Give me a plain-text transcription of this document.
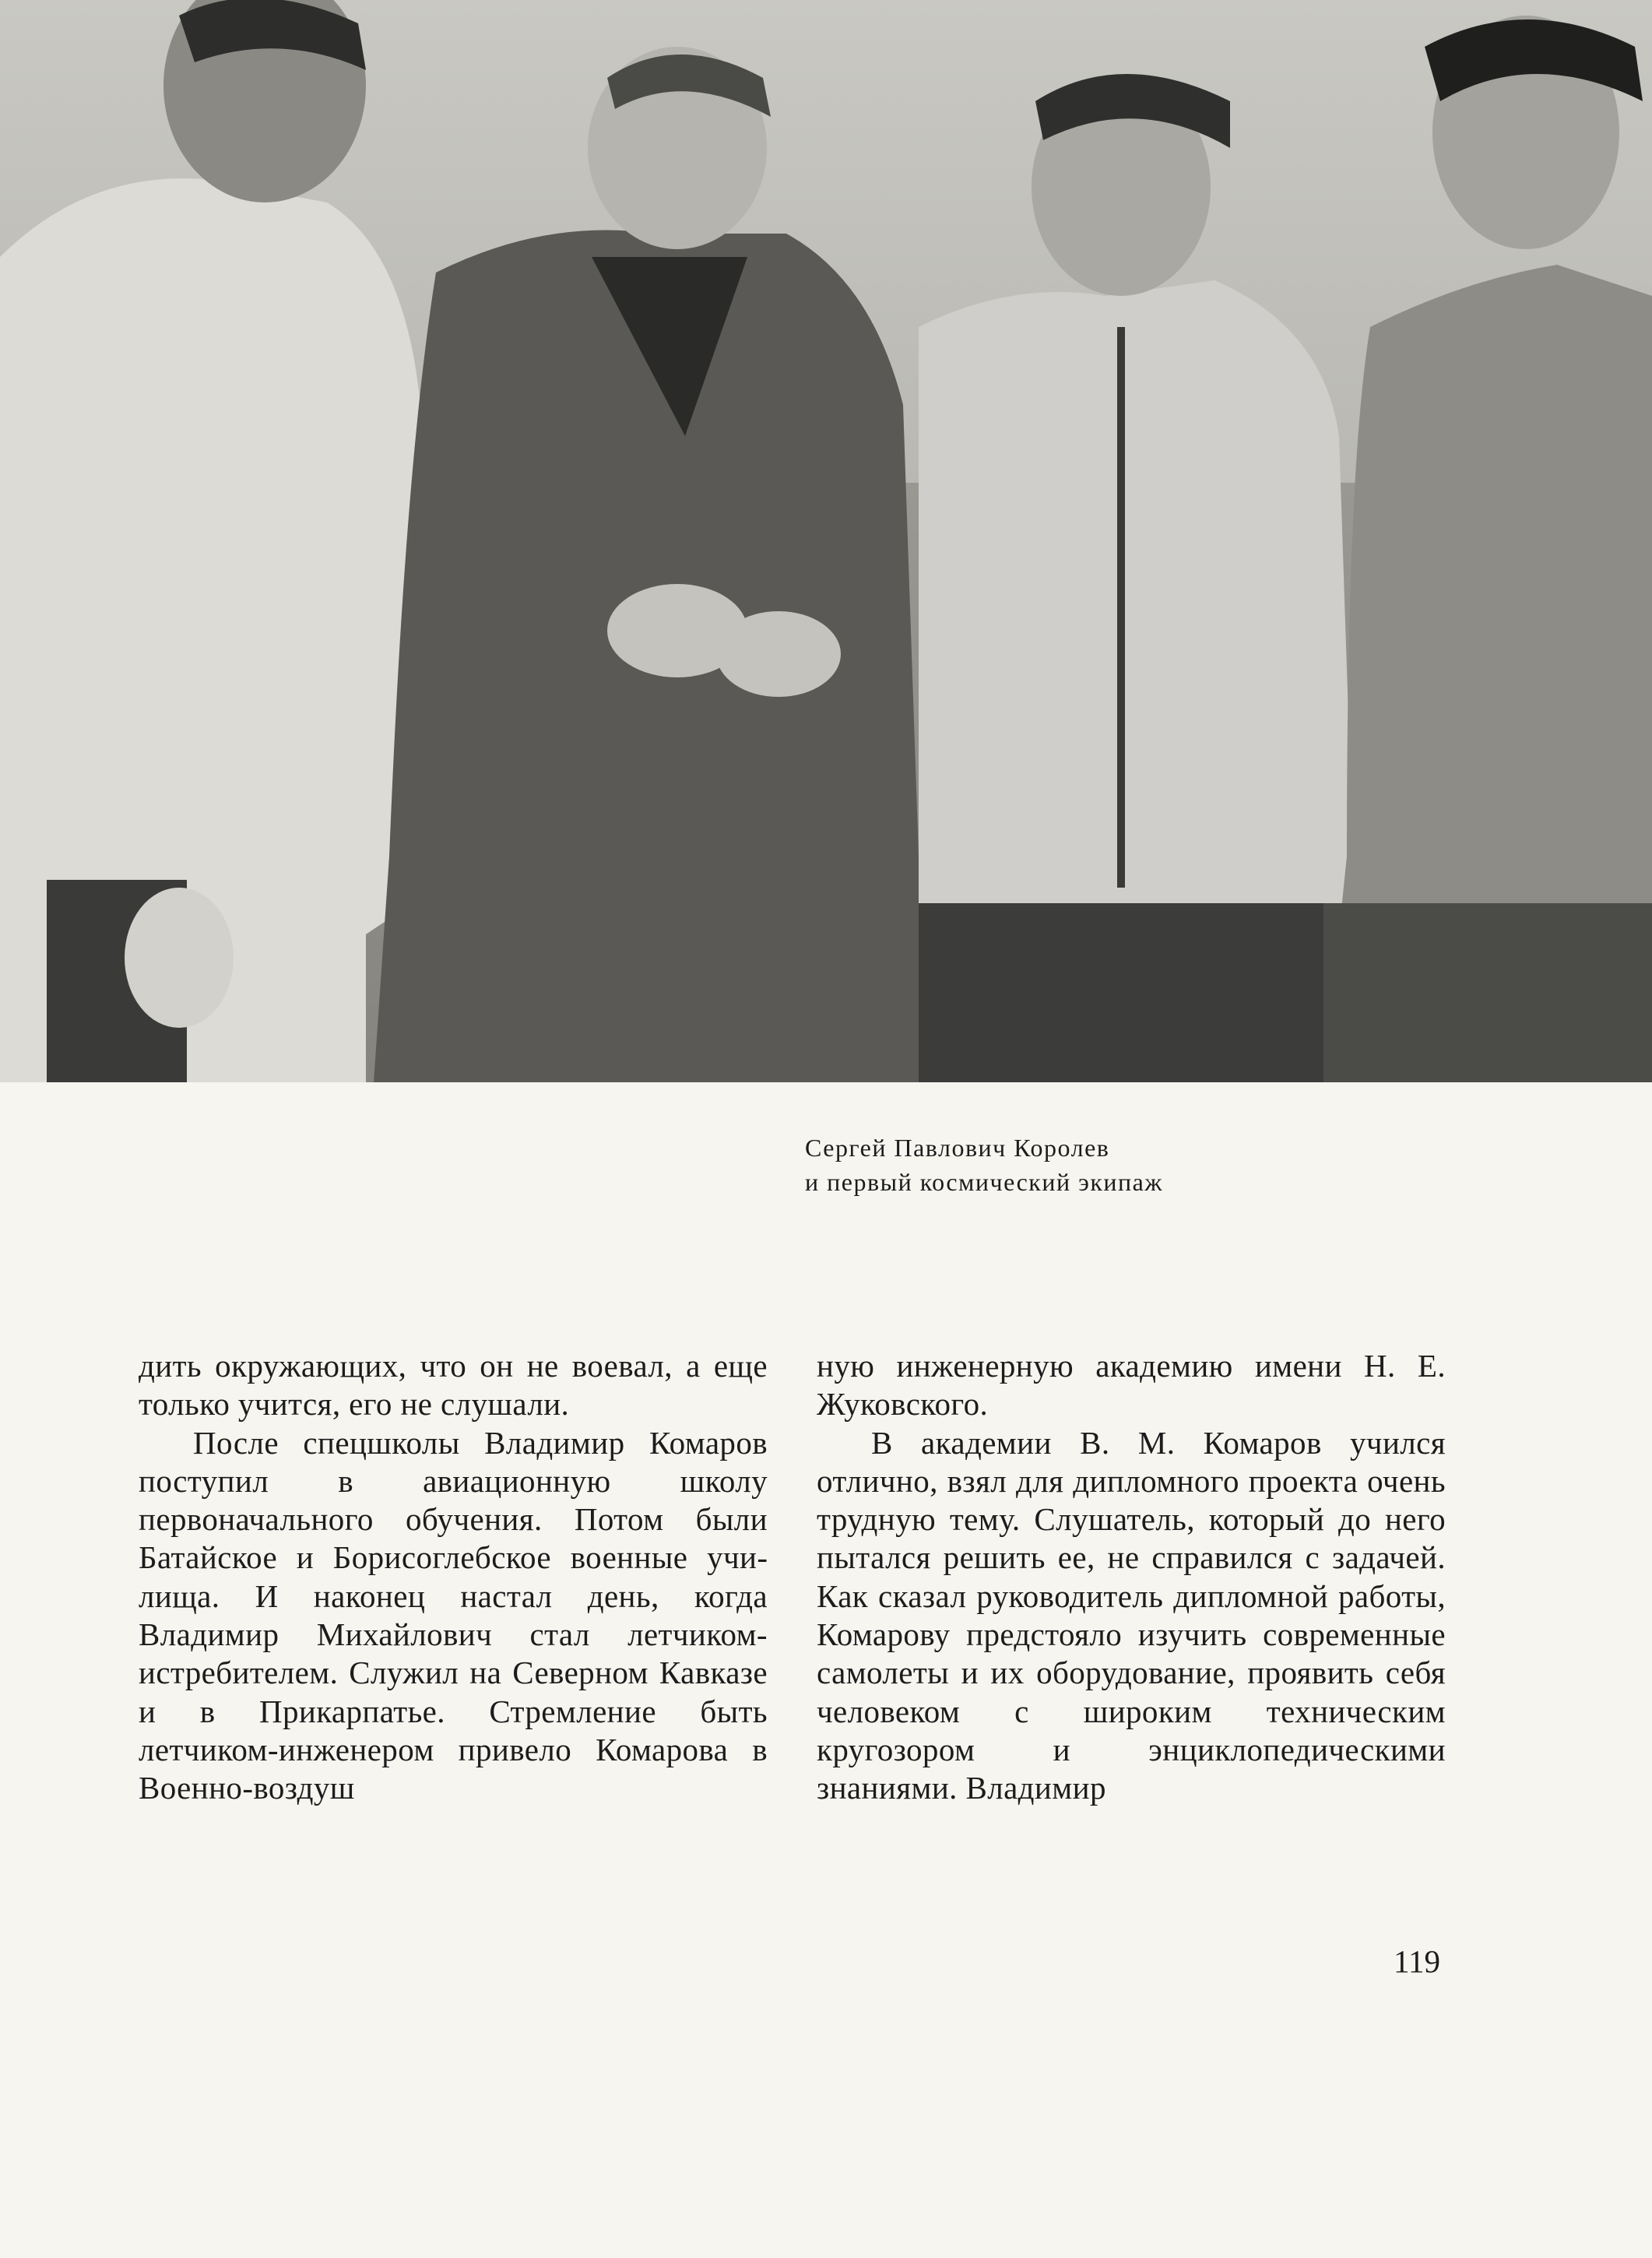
Сергей Павлович Королев
и первый космический экипаж

дить окружающих, что он не воевал, а еще только учится, его не слушали.

После спецшколы Владимир Комаров поступил в авиационную школу первоначального обучения. Потом были Батайское и Борисоглебское военные училища. И наконец настал день, когда Владимир Михайлович стал летчиком-истребителем. Служил на Северном Кавказе и в Прикарпатье. Стремление быть летчиком-инженером привело Комарова в Военно-воздуш

ную инженерную академию имени Н. Е. Жуковского.

В академии В. М. Комаров учился отлично, взял для дипломного проекта очень трудную тему. Слушатель, который до него пытался решить ее, не справился с задачей. Как сказал руководитель дипломной работы, Комарову предстояло изучить современные самолеты и их оборудование, проявить себя человеком с широким техническим кругозором и энциклопедическими знаниями. Владимир

119
